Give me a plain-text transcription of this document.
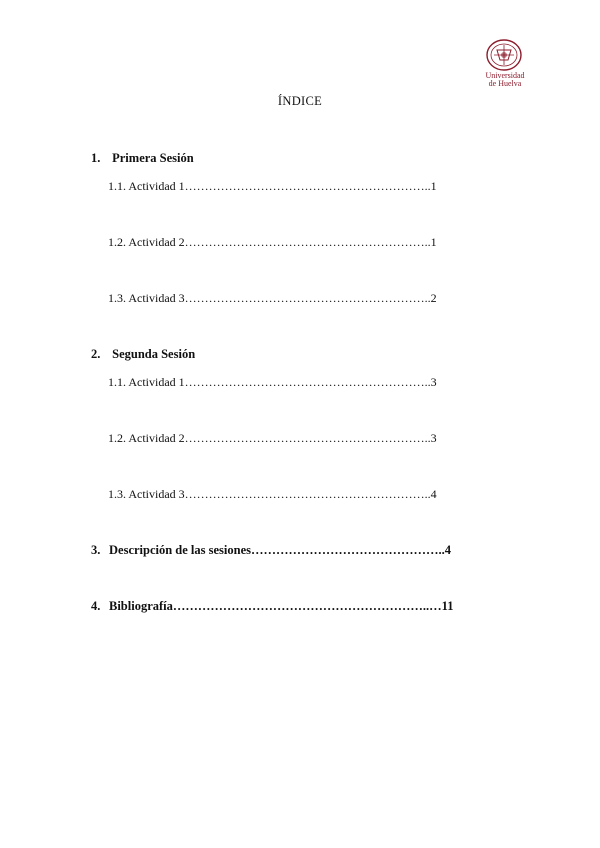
Universidad
de Huelva
ÍNDICE
1. Primera Sesión
1.1. Actividad 1……………………………………………………..1
1.2. Actividad 2……………………………………………………..1
1.3. Actividad 3……………………………………………………..2
2. Segunda Sesión
1.1. Actividad 1……………………………………………………..3
1.2. Actividad 2……………………………………………………..3
1.3. Actividad 3……………………………………………………..4
3. Descripción de las sesiones………………………………………..4
4. Bibliografía……………………………………………………..…11
